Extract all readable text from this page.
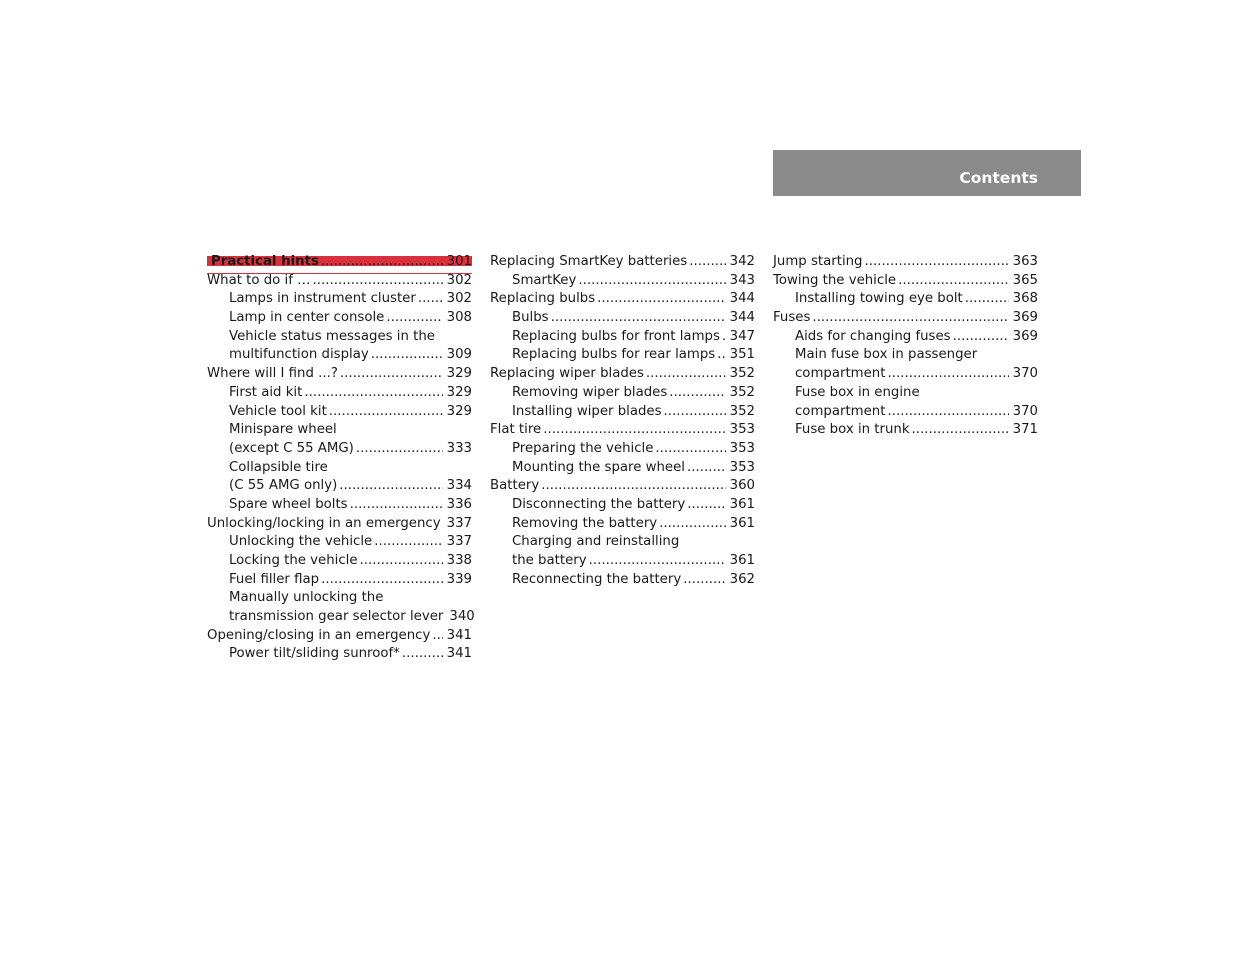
Contents
Practical hints . . .	301
What to do if … . . .	302
Lamps in instrument cluster . . . 302
Lamp in center console . . .	308
Vehicle status messages in the
multifunction display . . .	309
Where will I find ...? . . .	329
First aid kit . . .	329
Vehicle tool kit . . .	329
Minispare wheel
(except C 55 AMG) . . .	333
Collapsible tire
(C 55 AMG only) . . .	334
Spare wheel bolts . . .	336
Unlocking/locking in an emergency 337
Unlocking the vehicle . . .	337
Locking the vehicle . . .	338
Fuel filler flap . . .	339
Manually unlocking the
transmission gear selector lever 340
Opening/closing in an emergency . . . 341
Power tilt/sliding sunroof* . . .	341
Replacing SmartKey batteries . . .	342
SmartKey . . .	343
Replacing bulbs . . .	344
Bulbs . . .	344
Replacing bulbs for front lamps . . . 347
Replacing bulbs for rear lamps . . . 351
Replacing wiper blades . . .	352
Removing wiper blades . . .	352
Installing wiper blades . . .	352
Flat tire . . .	353
Preparing the vehicle . . .	353
Mounting the spare wheel . . .	353
Battery . . .	360
Disconnecting the battery . . .	361
Removing the battery . . .	361
Charging and reinstalling
the battery . . .	361
Reconnecting the battery . . .	362
Jump starting . . .	363
Towing the vehicle . . .	365
Installing towing eye bolt . . .	368
Fuses . . .	369
Aids for changing fuses . . .	369
Main fuse box in passenger
compartment . . .	370
Fuse box in engine
compartment . . .	370
Fuse box in trunk . . .	371
